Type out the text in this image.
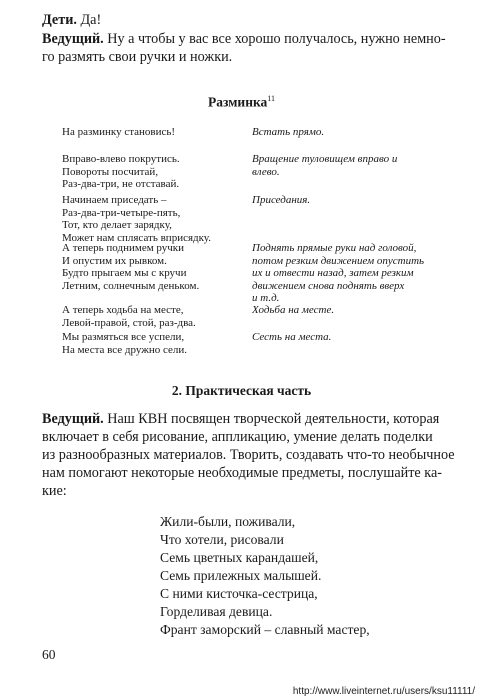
Дети. Да!
Ведущий. Ну а чтобы у вас все хорошо получалось, нужно немно-
го размять свои ручки и ножки.
Разминка$^{11}$
На разминку становись!	Встать прямо.
Вправо-влево покрутись.
Повороты посчитай,
Раз-два-три, не отставай.
Вращение туловищем вправо и
влево.
Начинаем приседать –
Раз-два-три-четыре-пять,
Тот, кто делает зарядку,
Может нам сплясать вприсядку.
Приседания.
А теперь поднимем ручки
И опустим их рывком.
Будто прыгаем мы с кручи
Летним, солнечным деньком.
Поднять прямые руки над головой,
потом резким движением опустить
их и отвести назад, затем резким
движением снова поднять вверх
и т.д.
А теперь ходьба на месте,
Левой-правой, стой, раз-два.
Ходьба на месте.
Мы размяться все успели,
На места все дружно сели.
Сесть на места.
2. Практическая часть
Ведущий. Наш КВН посвящен творческой деятельности, которая
включает в себя рисование, аппликацию, умение делать поделки
из разнообразных материалов. Творить, создавать что-то необычное
нам помогают некоторые необходимые предметы, послушайте ка-
кие:
Жили-были, поживали,
Что хотели, рисовали
Семь цветных карандашей,
Семь прилежных малышей.
С ними кисточка-сестрица,
Горделивая девица.
Франт заморский – славный мастер,
60
http://www.liveinternet.ru/users/ksu11111/
